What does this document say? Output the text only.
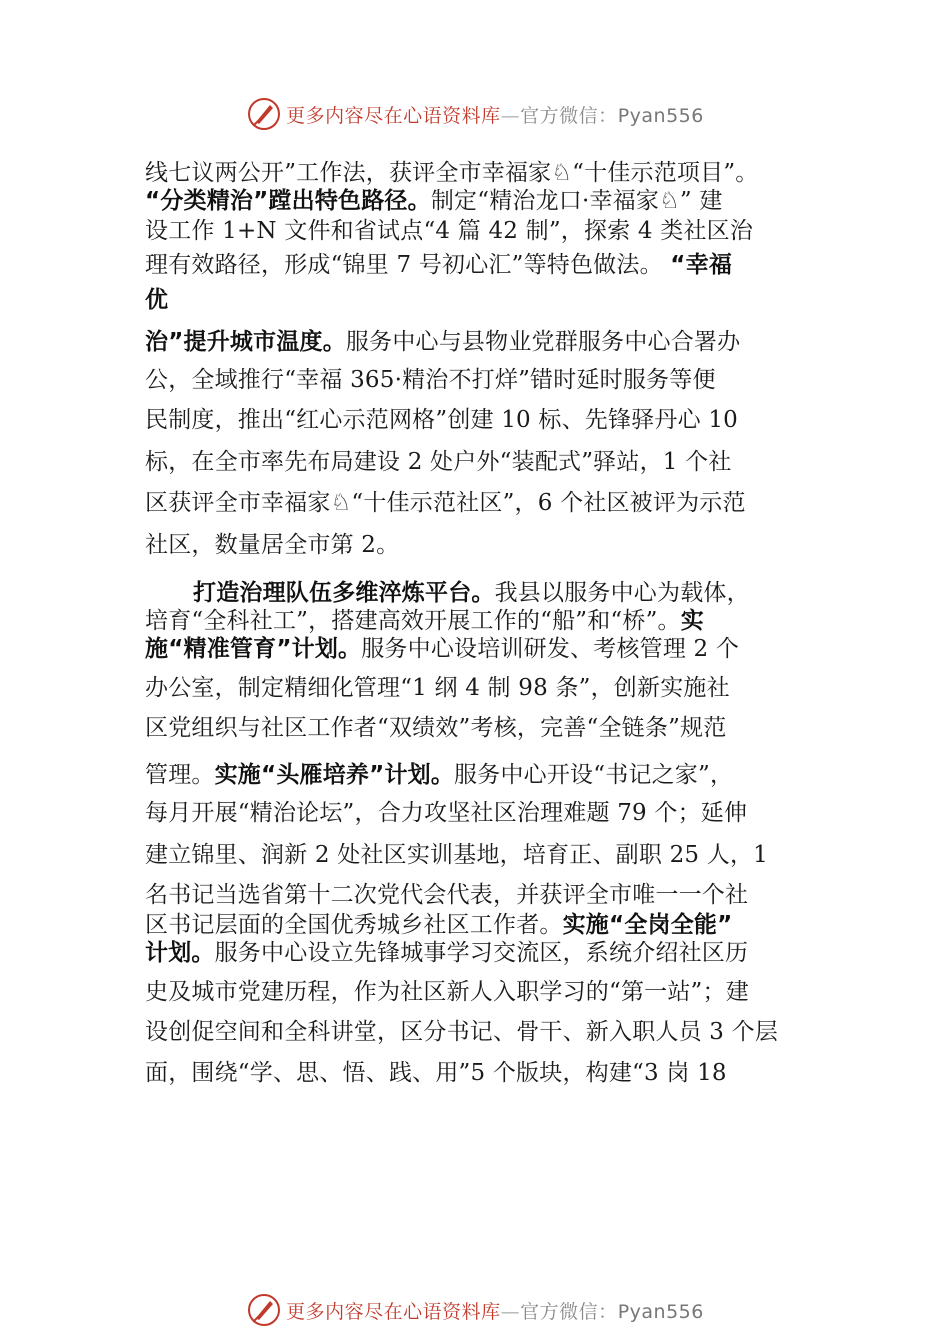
更多内容尽在心语资料库—官方微信：Pyan556
线七议两公开”工作法，获评全市幸福家♘“十佳示范项目”。
“分类精治”蹚出特色路径。制定“精治龙口·幸福家♘” 建
设工作 1+N 文件和省试点“4 篇 42 制”，探索 4 类社区治
理有效路径，形成“锦里 7 号初心汇”等特色做法。 “幸福
优
治”提升城市温度。服务中心与县物业党群服务中心合署办
公，全域推行“幸福 365·精治不打烊”错时延时服务等便
民制度，推出“红心示范网格”创建 10 标、先锋驿丹心 10
标，在全市率先布局建设 2 处户外“装配式”驿站，1 个社
区获评全市幸福家♘“十佳示范社区”，6 个社区被评为示范
社区，数量居全市第 2。
打造治理队伍多维淬炼平台。我县以服务中心为载体，
培育“全科社工”，搭建高效开展工作的“船”和“桥”。实
施“精准管育”计划。服务中心设培训研发、考核管理 2 个
办公室，制定精细化管理“1 纲 4 制 98 条”，创新实施社
区党组织与社区工作者“双绩效”考核，完善“全链条”规范
管理。实施“头雁培养”计划。服务中心开设“书记之家”，
每月开展“精治论坛”，合力攻坚社区治理难题 79 个；延伸
建立锦里、润新 2 处社区实训基地，培育正、副职 25 人，1
名书记当选省第十二次党代会代表，并获评全市唯一一个社
区书记层面的全国优秀城乡社区工作者。实施“全岗全能”
计划。服务中心设立先锋城事学习交流区，系统介绍社区历
史及城市党建历程，作为社区新人入职学习的“第一站”；建
设创促空间和全科讲堂，区分书记、骨干、新入职人员 3 个层
面，围绕“学、思、悟、践、用”5 个版块，构建“3 岗 18
更多内容尽在心语资料库—官方微信：Pyan556
